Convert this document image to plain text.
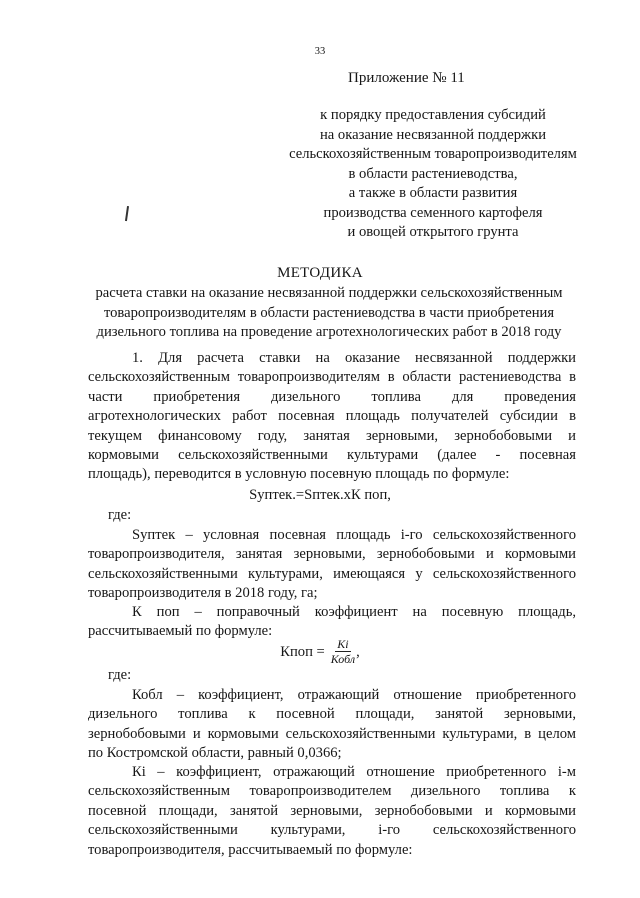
33
Приложение № 11
к порядку предоставления субсидий
на оказание несвязанной поддержки
сельскохозяйственным товаропроизводителям
в области растениеводства,
а также в области развития
производства семенного картофеля
и овощей открытого грунта
МЕТОДИКА
расчета ставки на оказание несвязанной поддержки сельскохозяйственным
товаропроизводителям в области растениеводства в части приобретения
дизельного топлива на проведение агротехнологических работ в 2018 году
1. Для расчета ставки на оказание несвязанной поддержки
сельскохозяйственным товаропроизводителям в области растениеводства в
части приобретения дизельного топлива для проведения
агротехнологических работ посевная площадь получателей субсидии в
текущем финансовому году, занятая зерновыми, зернобобовыми и
кормовыми сельскохозяйственными культурами (далее - посевная
площадь), переводится в условную посевную площадь по формуле:
Sуптек.=Sптек.хК поп,
где:
Sуптек – условная посевная площадь i-го сельскохозяйственного
товаропроизводителя, занятая зерновыми, зернобобовыми и кормовыми
сельскохозяйственными культурами, имеющаяся у сельскохозяйственного
товаропроизводителя в 2018 году, га;
К поп – поправочный коэффициент на посевную площадь,
рассчитываемый по формуле:
Кпоп = $\frac{Кi}{\text{Кобл}}$ ,
где:
Кобл – коэффициент, отражающий отношение приобретенного
дизельного топлива к посевной площади, занятой зерновыми,
зернобобовыми и кормовыми сельскохозяйственными культурами, в целом
по Костромской области, равный 0,0366;
Кi – коэффициент, отражающий отношение приобретенного i-м
сельскохозяйственным товаропроизводителем дизельного топлива к
посевной площади, занятой зерновыми, зернобобовыми и кормовыми
сельскохозяйственными культурами, i-го сельскохозяйственного
товаропроизводителя, рассчитываемый по формуле:
